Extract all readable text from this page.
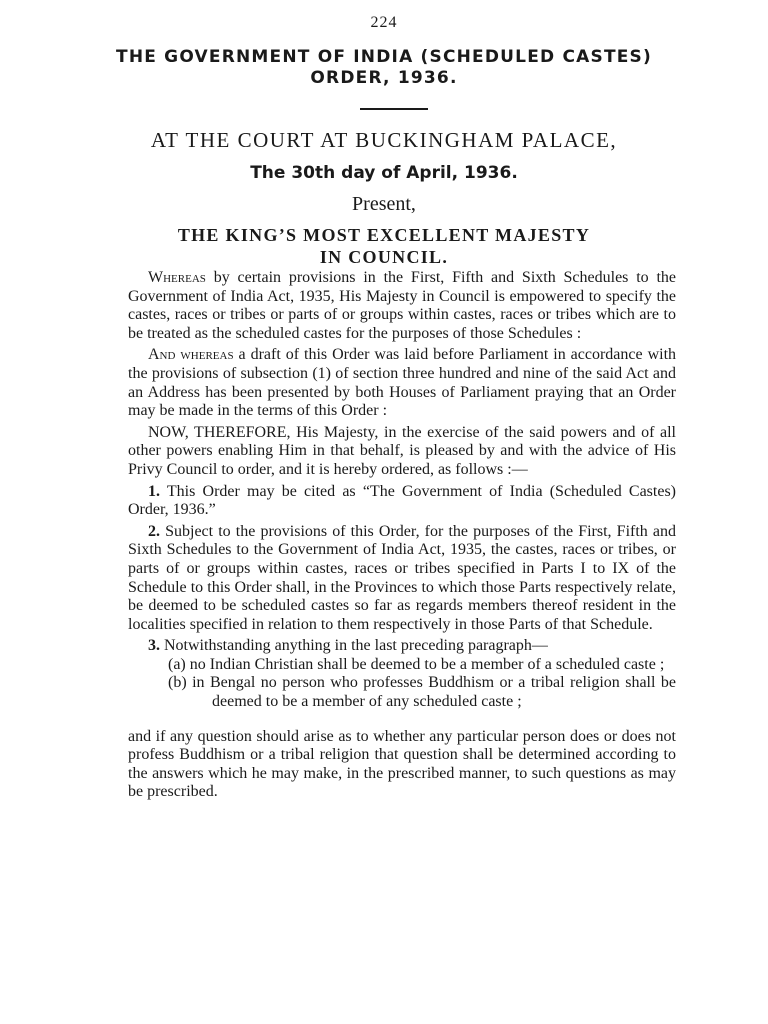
224
THE GOVERNMENT OF INDIA (SCHEDULED CASTES)
ORDER, 1936.
AT THE COURT AT BUCKINGHAM PALACE,
The 30th day of April, 1936.
Present,
THE KING’S MOST EXCELLENT MAJESTY
IN COUNCIL.

Whereas by certain provisions in the First, Fifth and Sixth Schedules to the Government of India Act, 1935, His Majesty in Council is empowered to specify the castes, races or tribes or parts of or groups within castes, races or tribes which are to be treated as the scheduled castes for the purposes of those Schedules :

And whereas a draft of this Order was laid before Parliament in accordance with the provisions of subsection (1) of section three hundred and nine of the said Act and an Address has been presented by both Houses of Parliament praying that an Order may be made in the terms of this Order :

NOW, THEREFORE, His Majesty, in the exercise of the said powers and of all other powers enabling Him in that behalf, is pleased by and with the advice of His Privy Council to order, and it is hereby ordered, as follows :—

1. This Order may be cited as “The Government of India (Scheduled Castes) Order, 1936.”

2. Subject to the provisions of this Order, for the purposes of the First, Fifth and Sixth Schedules to the Government of India Act, 1935, the castes, races or tribes, or parts of or groups within castes, races or tribes specified in Parts I to IX of the Schedule to this Order shall, in the Provinces to which those Parts respectively relate, be deemed to be scheduled castes so far as regards members thereof resident in the localities specified in relation to them respectively in those Parts of that Schedule.

3. Notwithstanding anything in the last preceding paragraph—

(a) no Indian Christian shall be deemed to be a member of a scheduled caste ;

(b) in Bengal no person who professes Buddhism or a tribal religion shall be deemed to be a member of any scheduled caste ;

and if any question should arise as to whether any particular person does or does not profess Buddhism or a tribal religion that question shall be determined according to the answers which he may make, in the prescribed manner, to such questions as may be prescribed.
